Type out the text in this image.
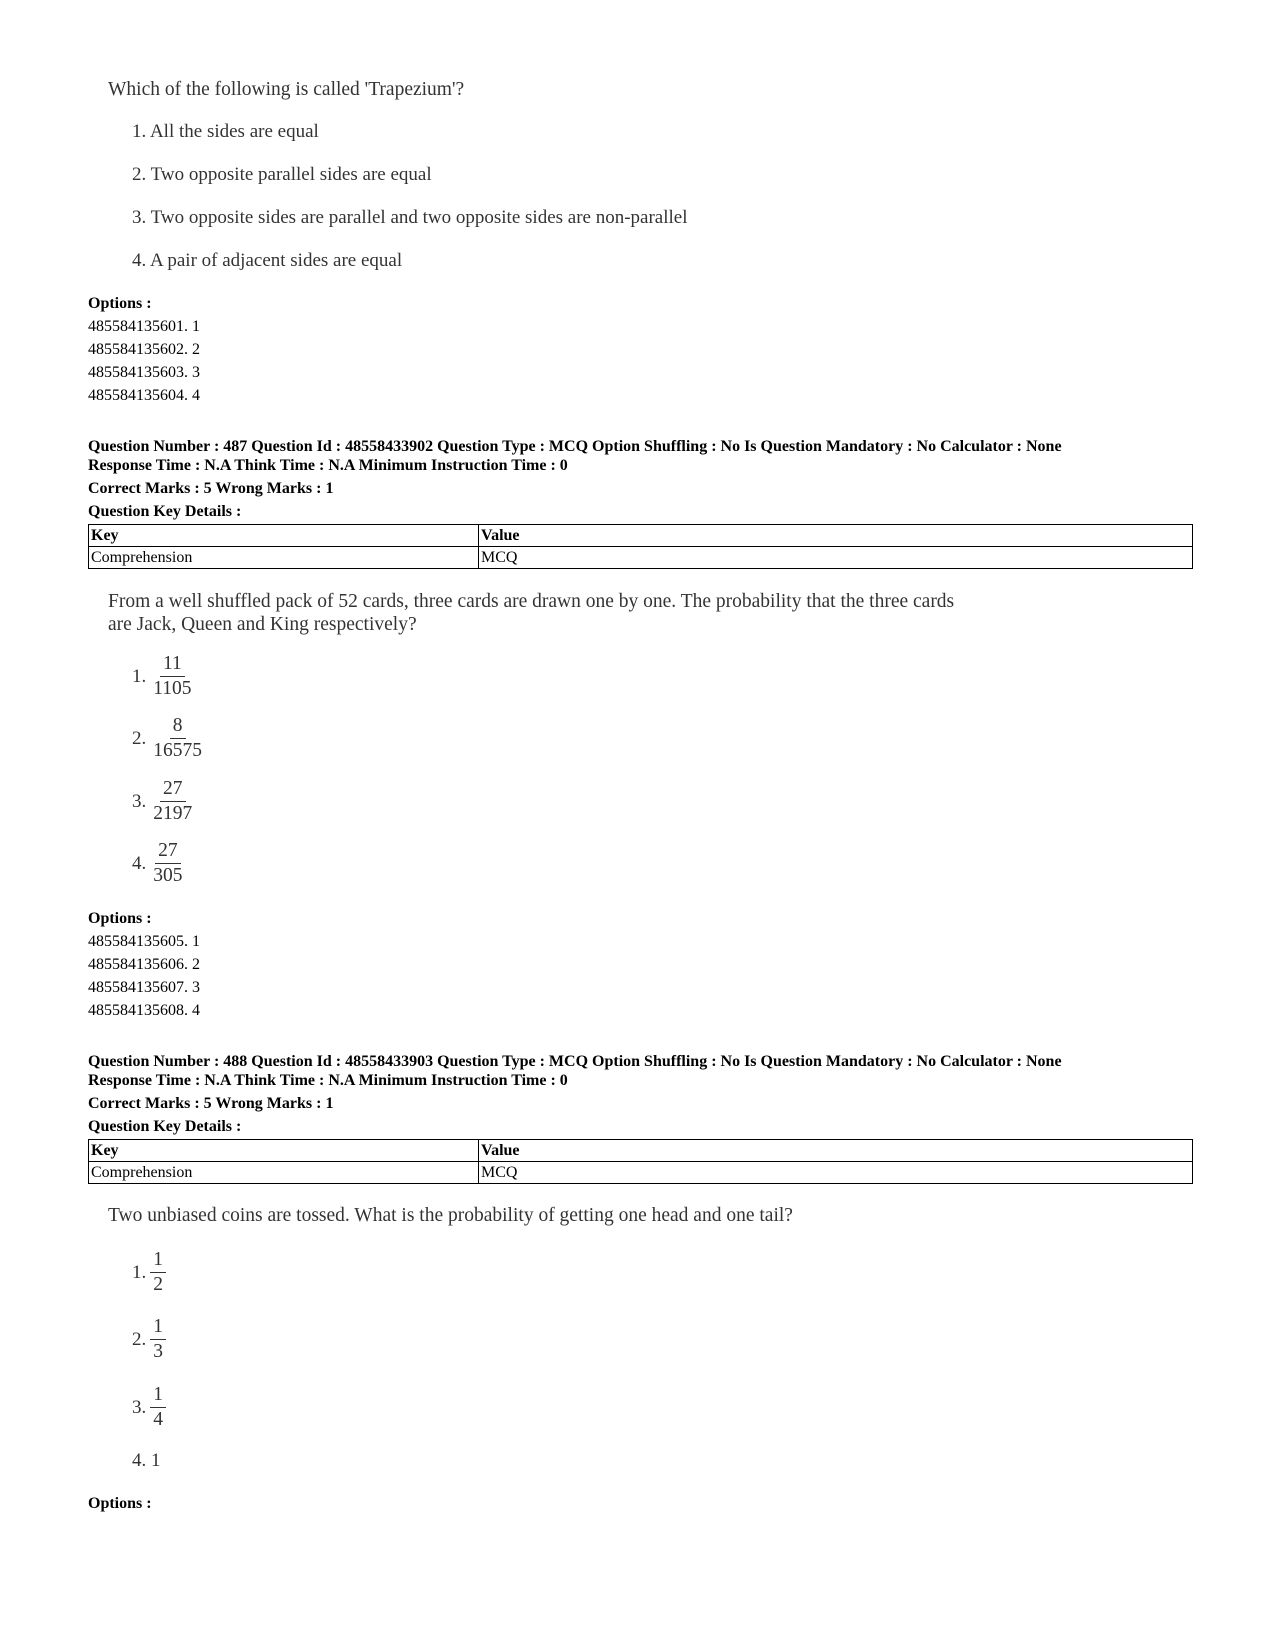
Which of the following is called 'Trapezium'?
1. All the sides are equal
2. Two opposite parallel sides are equal
3. Two opposite sides are parallel and two opposite sides are non-parallel
4. A pair of adjacent sides are equal
Options :
485584135601. 1
485584135602. 2
485584135603. 3
485584135604. 4
Question Number : 487 Question Id : 48558433902 Question Type : MCQ Option Shuffling : No Is Question Mandatory : No Calculator : None
Response Time : N.A Think Time : N.A Minimum Instruction Time : 0
Correct Marks : 5 Wrong Marks : 1
Question Key Details :
Key	Value
Comprehension	MCQ
From a well shuffled pack of 52 cards, three cards are drawn one by one. The probability that the three cards
are Jack, Queen and King respectively?
1. $\frac{11}{1105}$
2. $\frac{8}{16575}$
3. $\frac{27}{2197}$
4. $\frac{27}{305}$
Options :
485584135605. 1
485584135606. 2
485584135607. 3
485584135608. 4
Question Number : 488 Question Id : 48558433903 Question Type : MCQ Option Shuffling : No Is Question Mandatory : No Calculator : None
Response Time : N.A Think Time : N.A Minimum Instruction Time : 0
Correct Marks : 5 Wrong Marks : 1
Question Key Details :
Key	Value
Comprehension	MCQ
Two unbiased coins are tossed. What is the probability of getting one head and one tail?
1. $\frac{1}{2}$
2. $\frac{1}{3}$
3. $\frac{1}{4}$
4. 1
Options :
